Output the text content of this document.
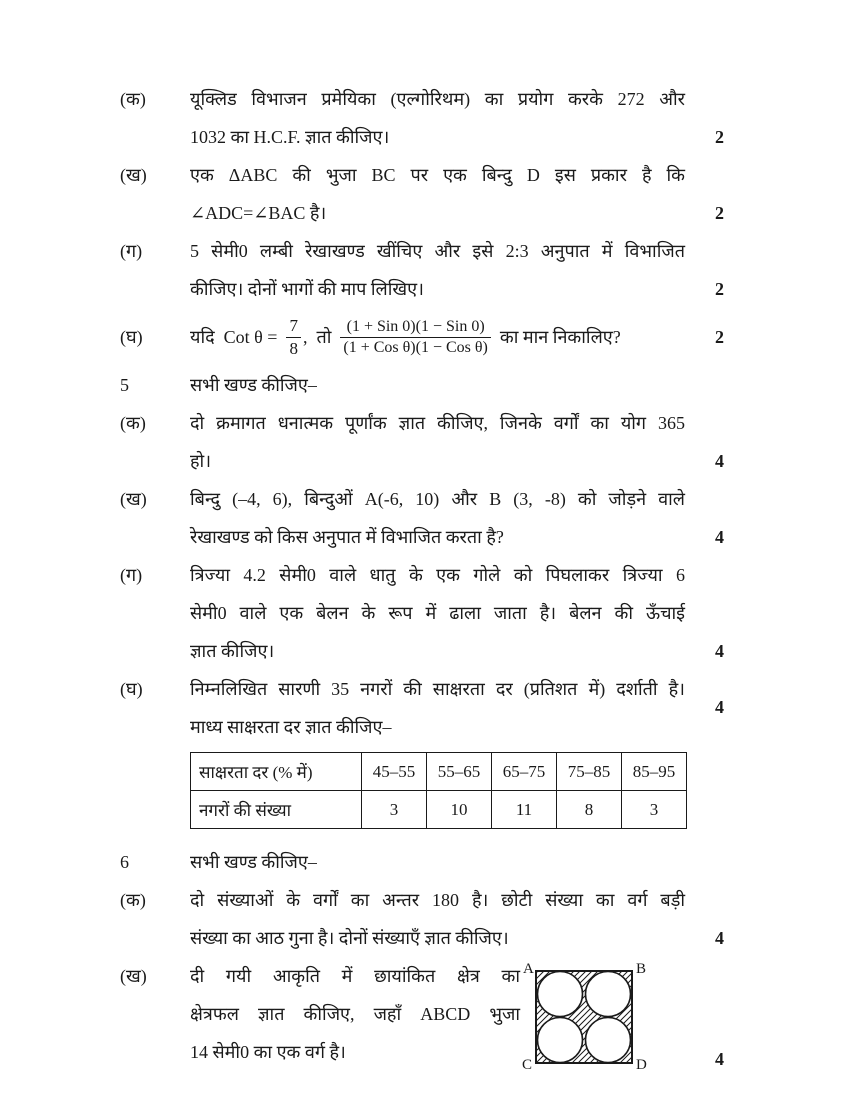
(क)	यूक्लिड विभाजन प्रमेयिका (एल्गोरिथम) का प्रयोग करके 272 और
1032 का H.C.F. ज्ञात कीजिए।	2
(ख)	एक ΔABC की भुजा BC पर एक बिन्दु D इस प्रकार है कि
∠ADC=∠BAC है।	2
(ग)	5 सेमी0 लम्बी रेखाखण्ड खींचिए और इसे 2:3 अनुपात में विभाजित
कीजिए। दोनों भागों की माप लिखिए।	2
(घ)	यदि Cot $\theta = \frac{7}{8}$ , तो $\frac{\text{(1 + Sin 0)(1 − Sin 0)}}{\text{(1 + Cos θ)(1 − Cos θ)}}$ का मान निकालिए?	2
5	सभी खण्ड कीजिए–
(क)	दो क्रमागत धनात्मक पूर्णांक ज्ञात कीजिए, जिनके वर्गों का योग 365
हो।	4
(ख)	बिन्दु (–4, 6), बिन्दुओं A(-6, 10) और B (3, -8) को जोड़ने वाले
रेखाखण्ड को किस अनुपात में विभाजित करता है?	4
(ग)	त्रिज्या 4.2 सेमी0 वाले धातु के एक गोले को पिघलाकर त्रिज्या 6
सेमी0 वाले एक बेलन के रूप में ढाला जाता है। बेलन की ऊँचाई
ज्ञात कीजिए।	4
(घ)	निम्नलिखित सारणी 35 नगरों की साक्षरता दर (प्रतिशत में) दर्शाती है।
माध्य साक्षरता दर ज्ञात कीजिए–
4
साक्षरता दर (% में)	45–55	55–65	65–75	75–85	85–95
नगरों की संख्या	3	10	11	8	3
6	सभी खण्ड कीजिए–
(क)	दो संख्याओं के वर्गों का अन्तर 180 है। छोटी संख्या का वर्ग बड़ी
संख्या का आठ गुना है। दोनों संख्याएँ ज्ञात कीजिए।	4
(ख)	दी गयी आकृति में छायांकित क्षेत्र का
क्षेत्रफल ज्ञात कीजिए, जहाँ ABCD भुजा
14 सेमी0 का एक वर्ग है।
A	B
C	D	4
